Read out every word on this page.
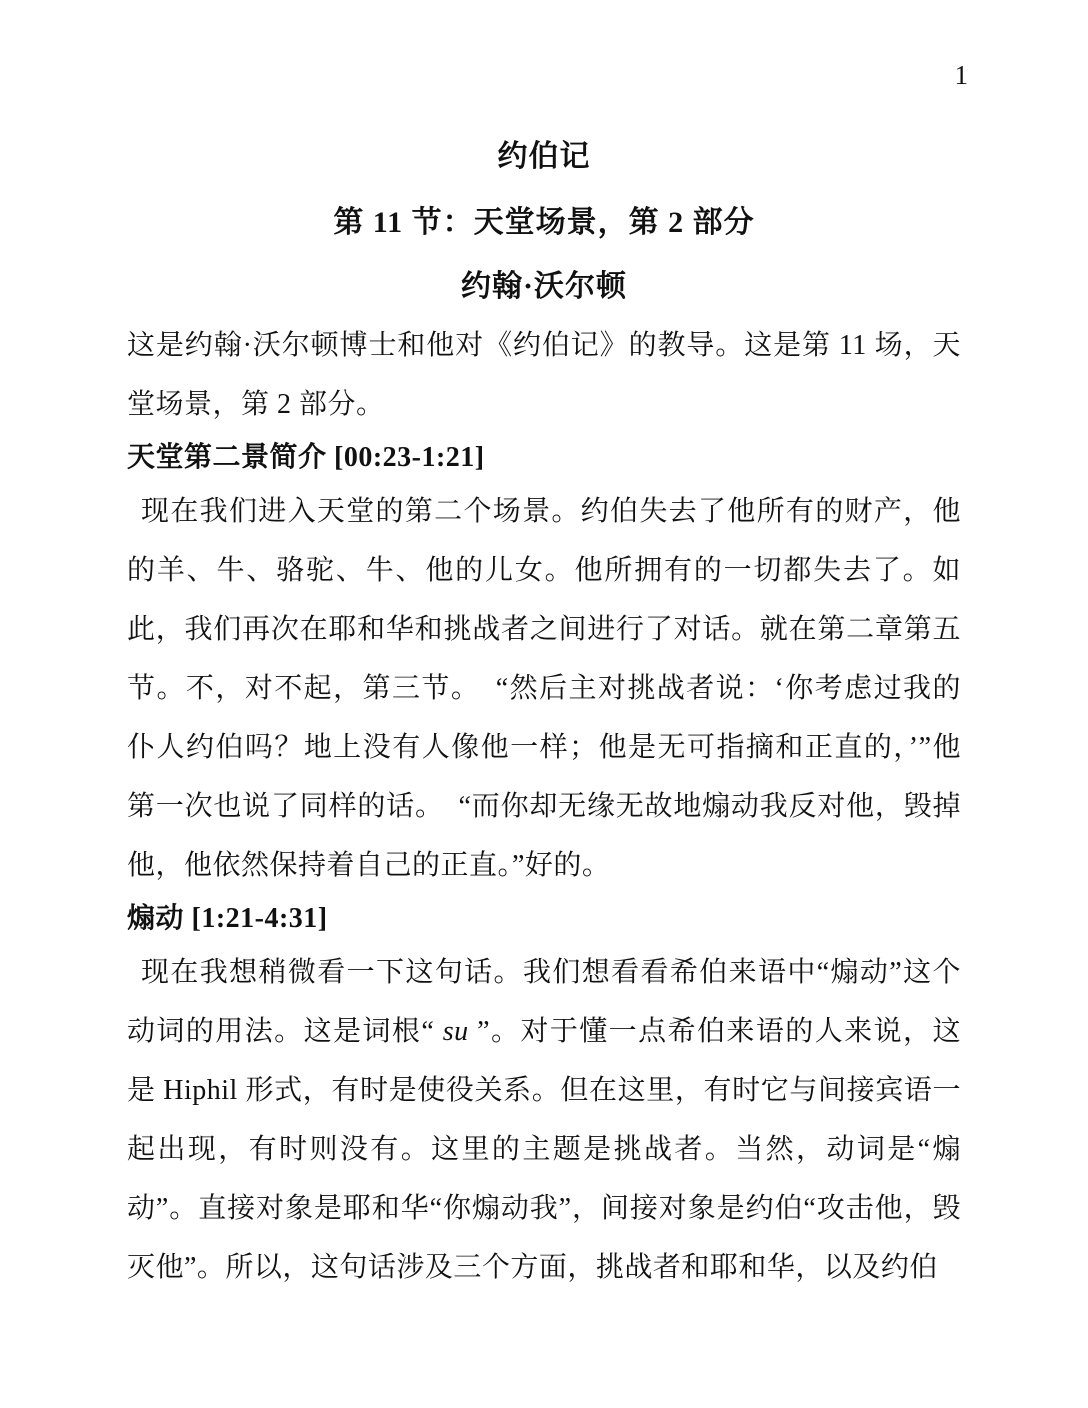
1
约伯记
第 11 节：天堂场景，第 2 部分
约翰·沃尔顿

这是约翰·沃尔顿博士和他对《约伯记》的教导。这是第 11 场，天堂场景，第 2 部分。

天堂第二景简介 [00:23-1:21]

现在我们进入天堂的第二个场景。约伯失去了他所有的财产，他的羊、牛、骆驼、牛、他的儿女。他所拥有的一切都失去了。如此，我们再次在耶和华和挑战者之间进行了对话。就在第二章第五节。不，对不起，第三节。　“然后主对挑战者说：‘你考虑过我的仆人约伯吗？地上没有人像他一样；他是无可指摘和正直的，’”他第一次也说了同样的话。　“而你却无缘无故地煽动我反对他，毁掉他，他依然保持着自己的正直。”好的。

煽动 [1:21-4:31]

现在我想稍微看一下这句话。我们想看看希伯来语中“煽动”这个动词的用法。这是词根“ su ”。对于懂一点希伯来语的人来说，这是 Hiphil 形式，有时是使役关系。但在这里，有时它与间接宾语一起出现，有时则没有。这里的主题是挑战者。当然，动词是“煽动”。直接对象是耶和华“你煽动我”，间接对象是约伯“攻击他，毁灭他”。所以，这句话涉及三个方面，挑战者和耶和华，以及约伯
